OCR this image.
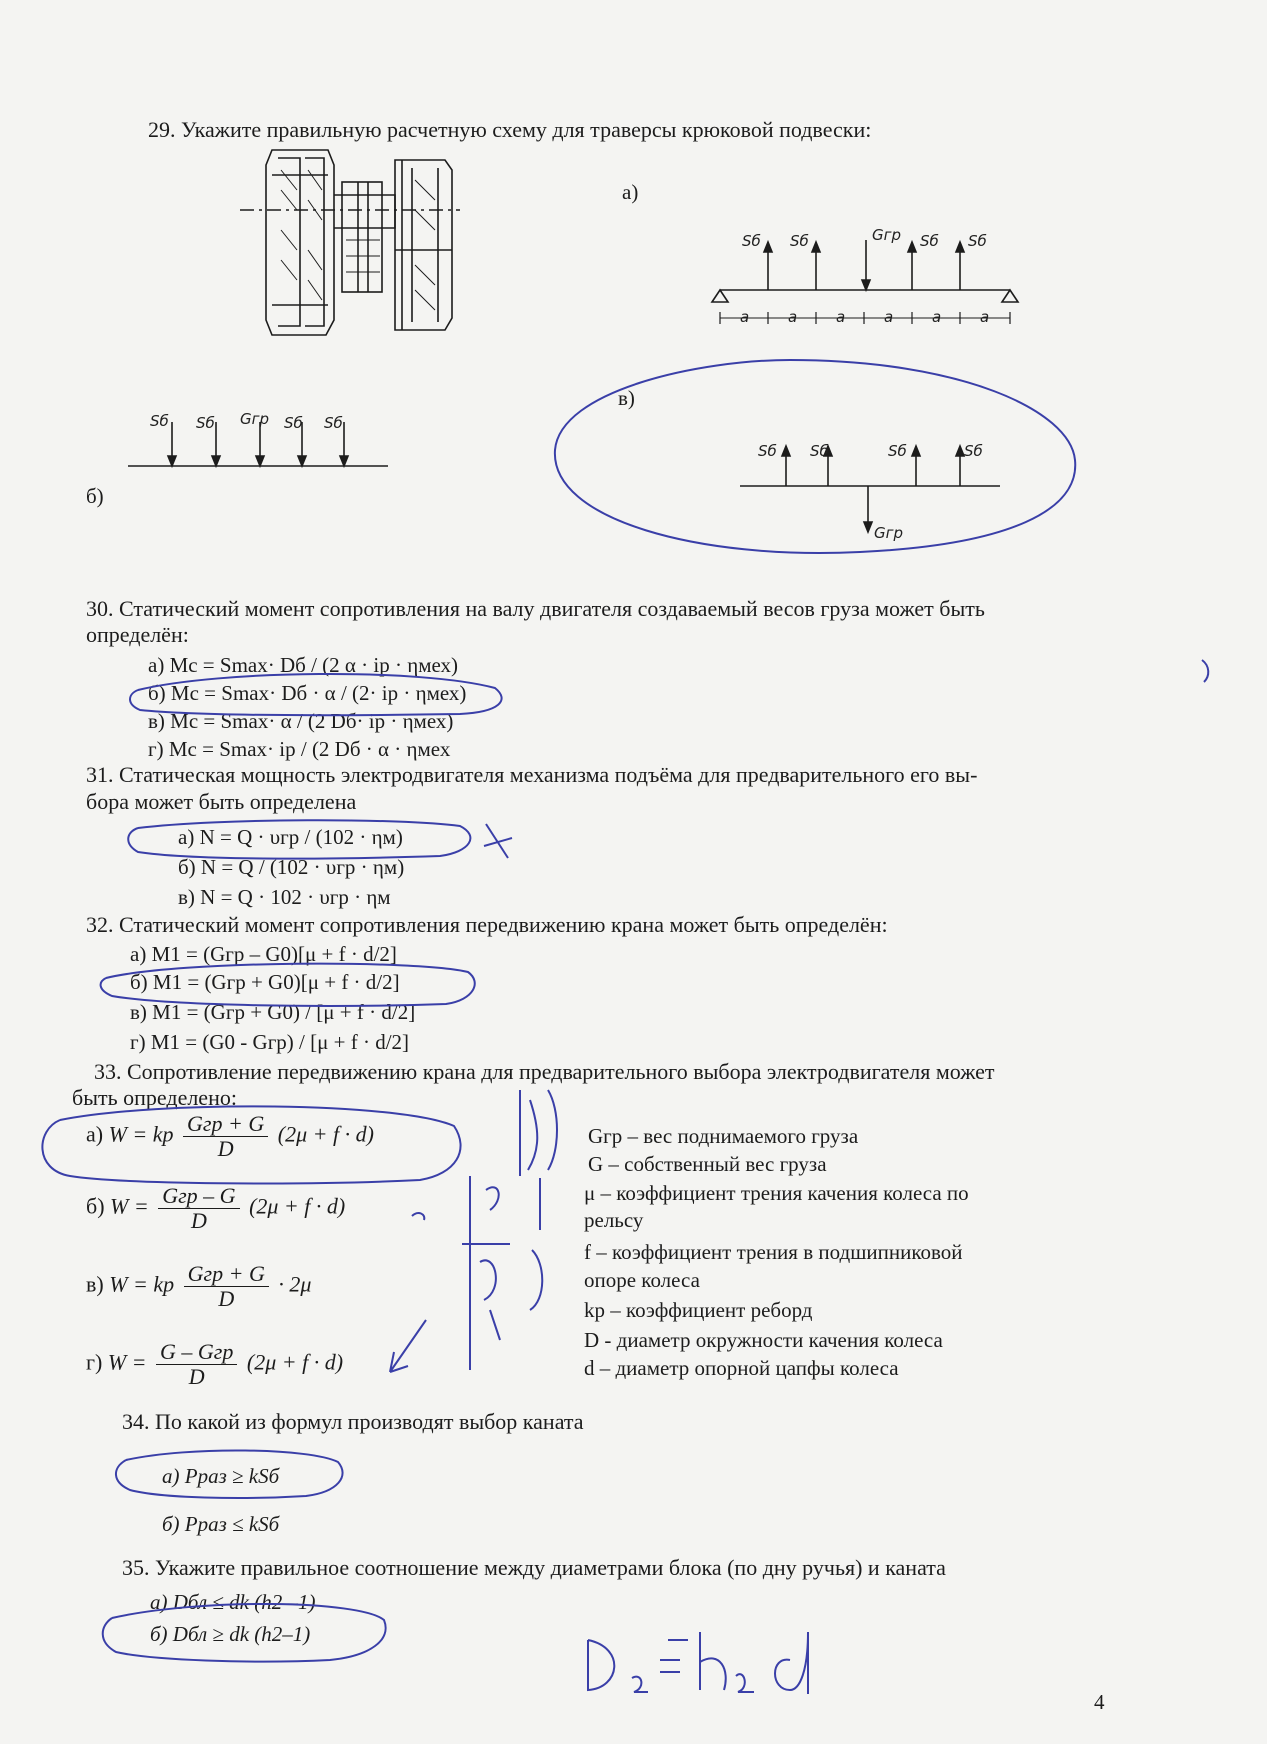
29. Укажите правильную расчетную схему для траверсы крюковой подвески:
а)
Sб Sб	Gгр Sб Sб
a	a	a	a	a	a
Sб Sб Gгр Sб Sб
б)
в)
Sб Sб	Sб	Sб
Gгр
30. Статический момент сопротивления на валу двигателя создаваемый весов груза может быть
определён:
а) Mс = Smax· Dб / (2 α · iр · ηмех)
б) Mс = Smax· Dб · α / (2· iр · ηмех)
в) Mс = Smax· α / (2 Dб· iр · ηмех)
г) Mс = Smax· iр / (2 Dб · α · ηмех
31. Статическая мощность электродвигателя механизма подъёма для предварительного его вы-
бора может быть определена
а) N = Q · υгр / (102 · ηм)
б) N = Q / (102 · υгр · ηм)
в) N = Q · 102 · υгр · ηм
32. Статический момент сопротивления передвижению крана может быть определён:
а) M1 = (Gгр – G0)[μ + f · d/2]
б) M1 = (Gгр + G0)[μ + f · d/2]
в) M1 = (Gгр + G0) / [μ + f · d/2]
г) M1 = (G0 - Gгр) / [μ + f · d/2]
33. Сопротивление передвижению крана для предварительного выбора электродвигателя может
быть определено:
а) W = kp $\frac{\text{Gгр + G}}{D} (2\mu + f \cdot d)$
б) $W = \frac{\text{Gгр – G}}{D} (2\mu + f \cdot d)$
в) W = kp $\frac{\text{Gгр + G}}{D} \cdot 2\mu$
г) $W = \frac{\text{G – Gгр}}{D} (2\mu + f \cdot d)$
Gгр – вес поднимаемого груза
G – собственный вес груза
μ – коэффициент трения качения колеса по
рельсу
f – коэффициент трения в подшипниковой
опоре колеса
kр – коэффициент реборд
D - диаметр окружности качения колеса
d – диаметр опорной цапфы колеса
34. По какой из формул производят выбор каната
а) Pраз ≥ kSб
б) Pраз ≤ kSб
35. Укажите правильное соотношение между диаметрами блока (по дну ручья) и каната
а) Dбл ≤ dk (h2 –1)
б) Dбл ≥ dk (h2–1)
4
